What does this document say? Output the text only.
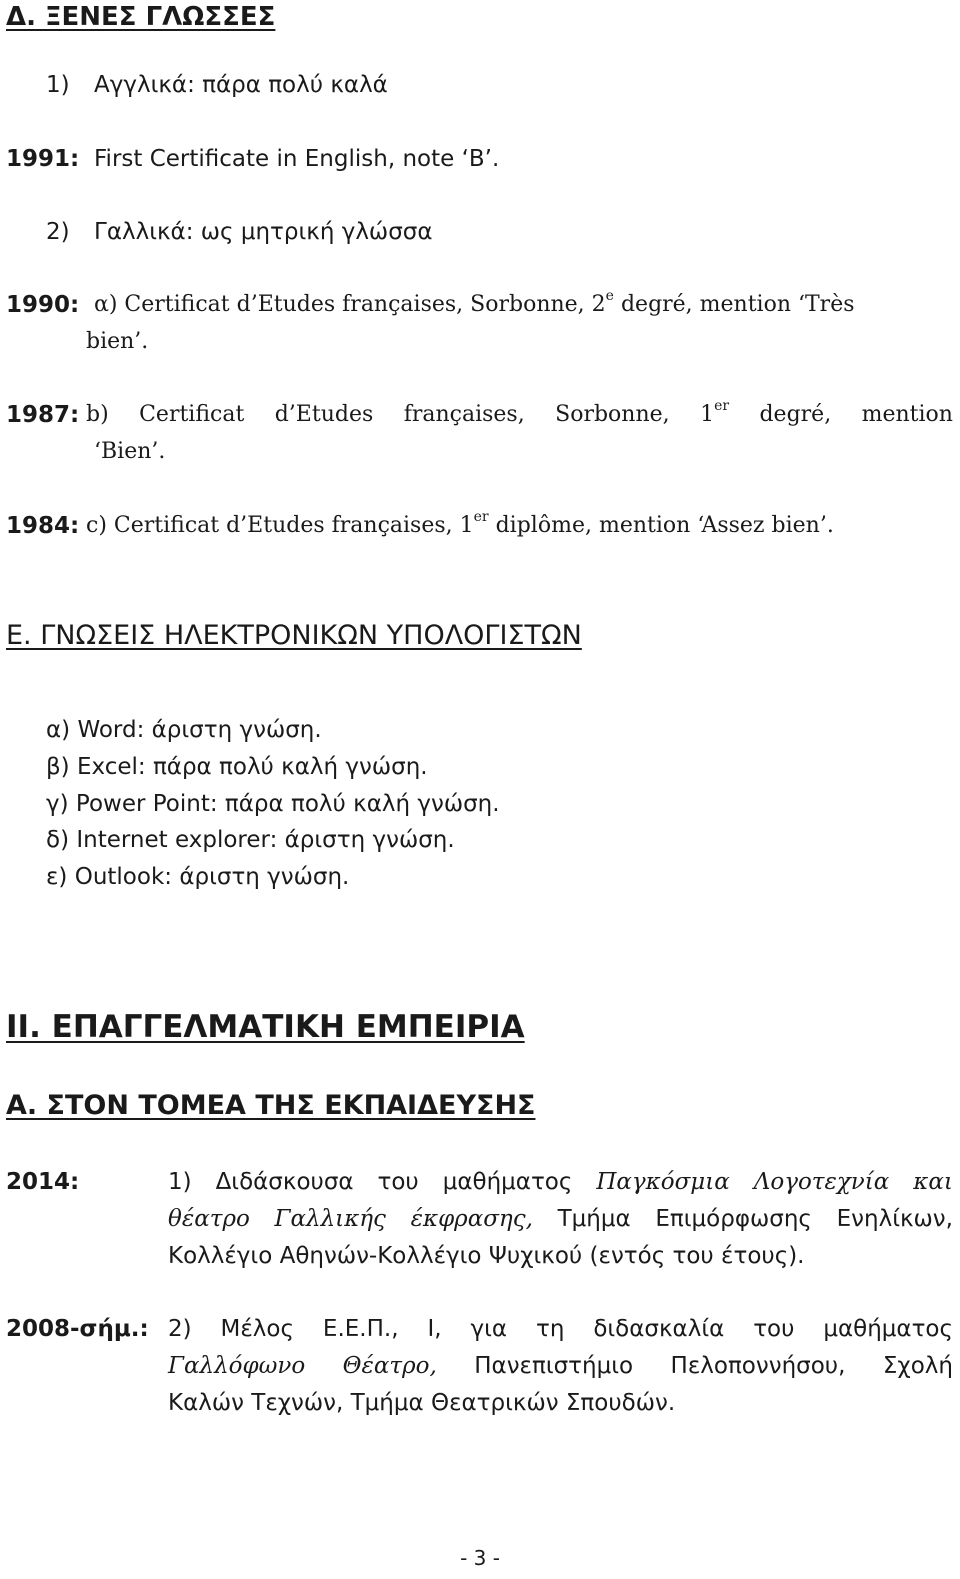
Δ. ΞΕΝΕΣ ΓΛΩΣΣΕΣ
1) Αγγλικά: πάρα πολύ καλά
1991: First Certificate in English, note ‘B’.
2) Γαλλικά: ως μητρική γλώσσα
1990: α) Certificat d’Etudes françaises, Sorbonne, 2e degré, mention ‘Très
bien’.
1987: b) Certificat d’Etudes françaises, Sorbonne, 1er degré, mention
‘Bien’.
1984: c) Certificat d’Etudes françaises, 1er diplôme, mention ‘Assez bien’.
Ε. ΓΝΩΣΕΙΣ ΗΛΕΚΤΡΟΝΙΚΩΝ ΥΠΟΛΟΓΙΣΤΩΝ
α) Word: άριστη γνώση.
β) Excel: πάρα πολύ καλή γνώση.
γ) Power Point: πάρα πολύ καλή γνώση.
δ) Internet explorer: άριστη γνώση.
ε) Outlook: άριστη γνώση.
ΙΙ. ΕΠΑΓΓΕΛΜΑΤΙΚΗ ΕΜΠΕΙΡΙΑ
Α. ΣΤΟΝ ΤΟΜΕΑ ΤΗΣ ΕΚΠΑΙΔΕΥΣΗΣ
2014:	1) Διδάσκουσα του μαθήματος Παγκόσμια Λογοτεχνία και
θέατρο Γαλλικής έκφρασης, Τμήμα Επιμόρφωσης Ενηλίκων,
Κολλέγιο Αθηνών-Κολλέγιο Ψυχικού (εντός του έτους).
2008-σήμ.: 2) Μέλος Ε.Ε.Π., Ι, για τη διδασκαλία του μαθήματος
Γαλλόφωνο Θέατρο, Πανεπιστήμιο Πελοποννήσου, Σχολή
Καλών Τεχνών, Τμήμα Θεατρικών Σπουδών.
- 3 -
